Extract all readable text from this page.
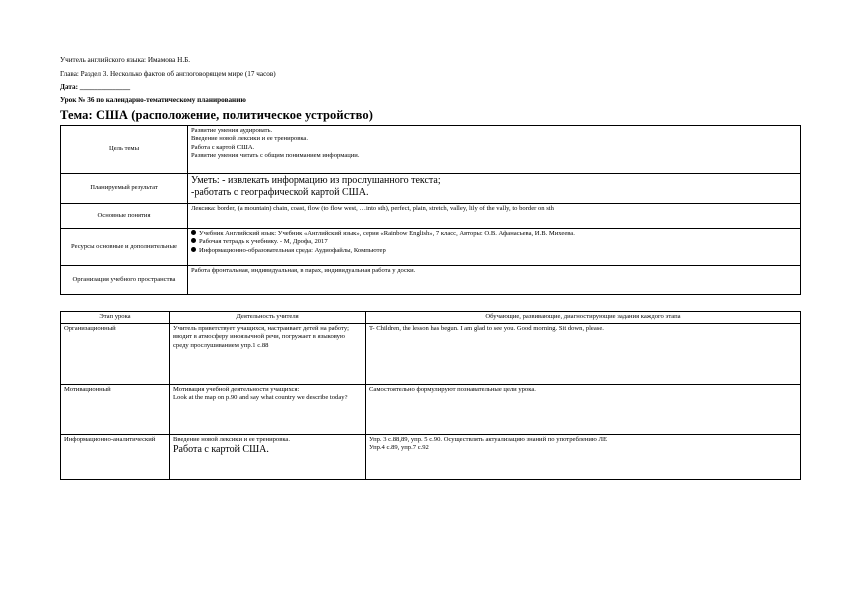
Учитель английского языка: Имамова Н.Б.
Глава: Раздел 3. Несколько фактов об англоговорящем мире (17 часов)
Дата: ______________
Урок № 36 по календарно-тематическому планированию
Тема: США (расположение, политическое устройство)
Цель темы	Развитие умения аудировать.
Введение новой лексики и ее тренировка.
Работа с картой США.
Развитие умения читать с общим пониманием информации.

Планируемый результат	Уметь: - извлекать информацию из прослушанного текста;
-работать с географической картой США.

Основные понятия	Лексика: border, (a mountain) chain, coast, flow (to flow west, …into sth), perfect, plain, stretch, valley, lily of the vally, to border on sth
Ресурсы основные и дополнительные	Учебник Английский язык: Учебник «Английский язык», серия «Rainbow English», 7 класс, Авторы: О.В. Афанасьева, И.В. Михеева.
Рабочая тетрадь к учебнику. - М, Дрофа, 2017
Информационно-образовательная среда: Аудиофайлы, Компьютер

Организация учебного пространства	Работа фронтальная, индивидуальная, в парах, индивидуальная работа у доски.
Этап урока	Деятельность учителя	Обучающие, развивающие, диагностирующие задания каждого этапа
Организационный	Учитель приветствует учащихся, настраивает детей на работу; вводит в атмосферу иноязычной речи, погружает в языковую среду прослушиванием упр.1 с.88	T- Children, the lesson has begun. I am glad to see you. Good morning. Sit down, please.

Мотивационный	Мотивация учебной деятельности учащихся:
Look at the map on p.90 and say what country we describe today?	Самостоятельно формулируют познавательные цели урока.

Информационно-аналитический	Введение новой лексики и ее тренировка.
Работа с картой США.	Упр. 3 с.88,89, упр. 5 с.90. Осуществлять актуализацию знаний по употреблению ЛЕ
Упр.4 с.89, упр.7 с.92
